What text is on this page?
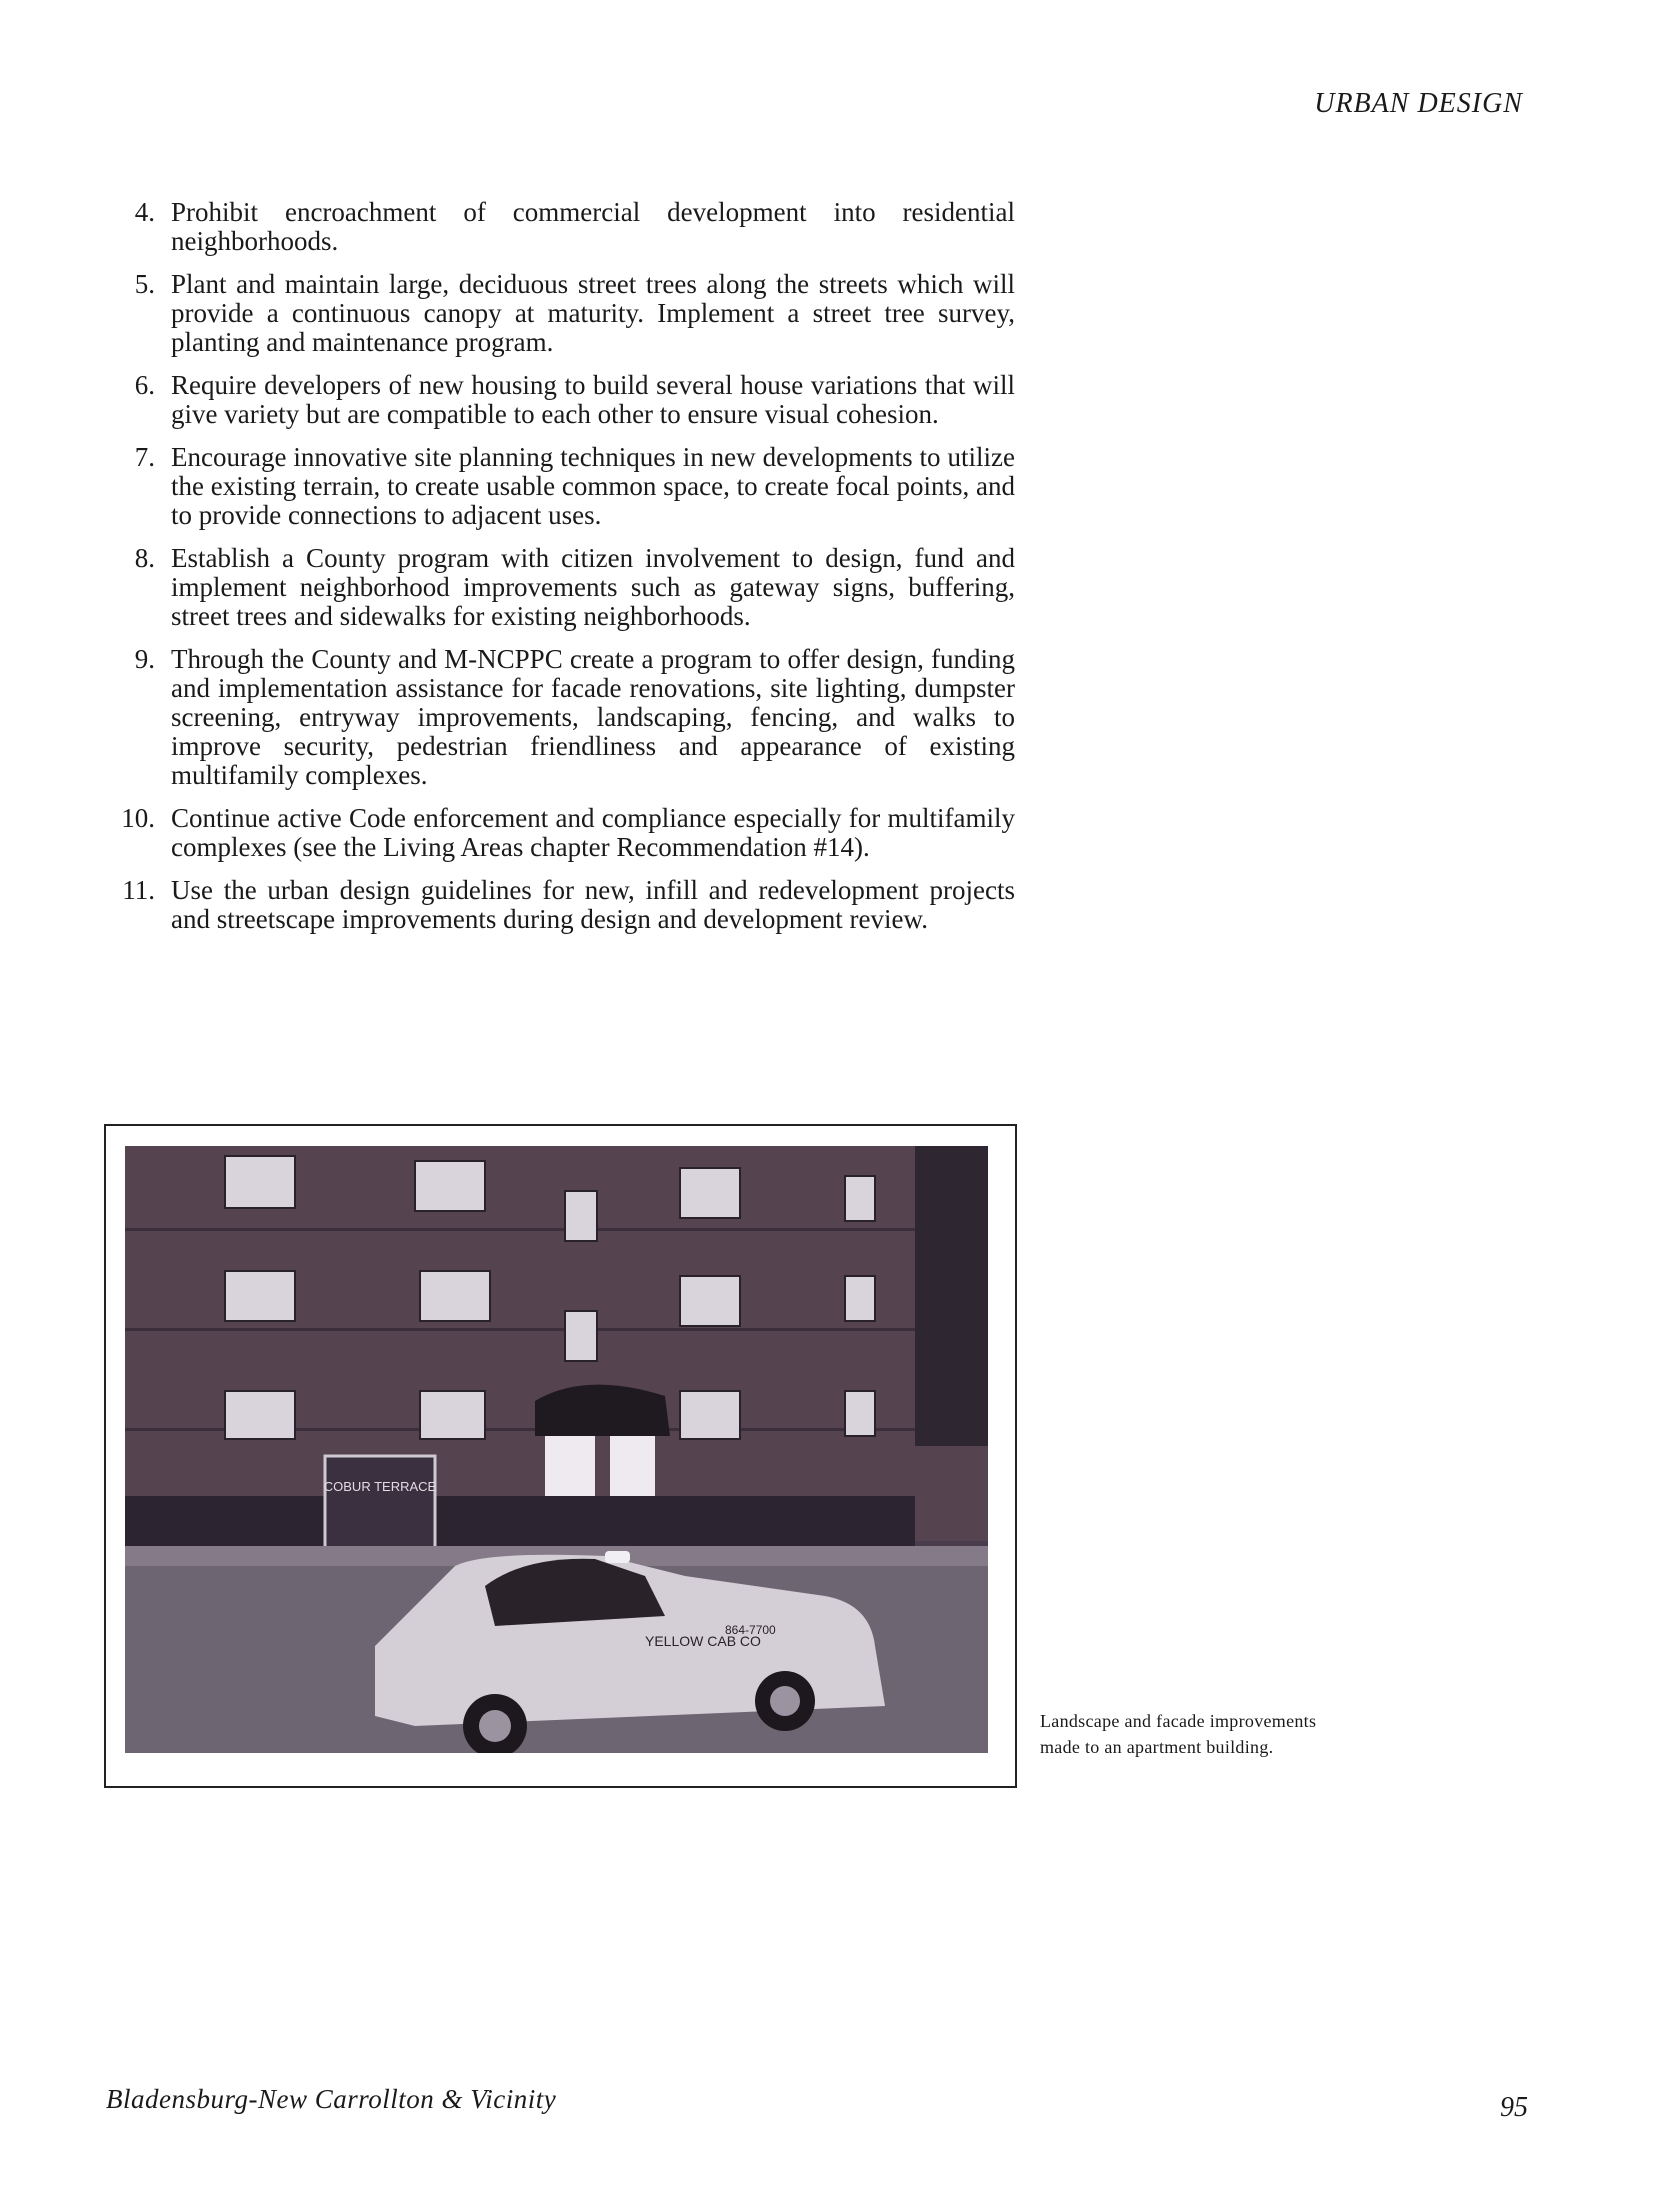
URBAN DESIGN
4. Prohibit encroachment of commercial development into residential neighborhoods.
5. Plant and maintain large, deciduous street trees along the streets which will provide a continuous canopy at maturity. Implement a street tree survey, planting and maintenance program.
6. Require developers of new housing to build several house variations that will give variety but are compatible to each other to ensure visual cohesion.
7. Encourage innovative site planning techniques in new developments to utilize the existing terrain, to create usable common space, to create focal points, and to provide connections to adjacent uses.
8. Establish a County program with citizen involvement to design, fund and implement neighborhood improvements such as gateway signs, buffering, street trees and sidewalks for existing neighborhoods.
9. Through the County and M-NCPPC create a program to offer design, funding and implementation assistance for facade renovations, site lighting, dumpster screening, entryway improvements, landscaping, fencing, and walks to improve security, pedestrian friendliness and appearance of existing multifamily complexes.
10. Continue active Code enforcement and compliance especially for multifamily complexes (see the Living Areas chapter Recommendation #14).
11. Use the urban design guidelines for new, infill and redevelopment projects and streetscape improvements during design and development review.
COBUR TERRACE
YELLOW CAB CO
864-7700
Landscape and facade improvements made to an apartment building.
Bladensburg-New Carrollton & Vicinity	95
